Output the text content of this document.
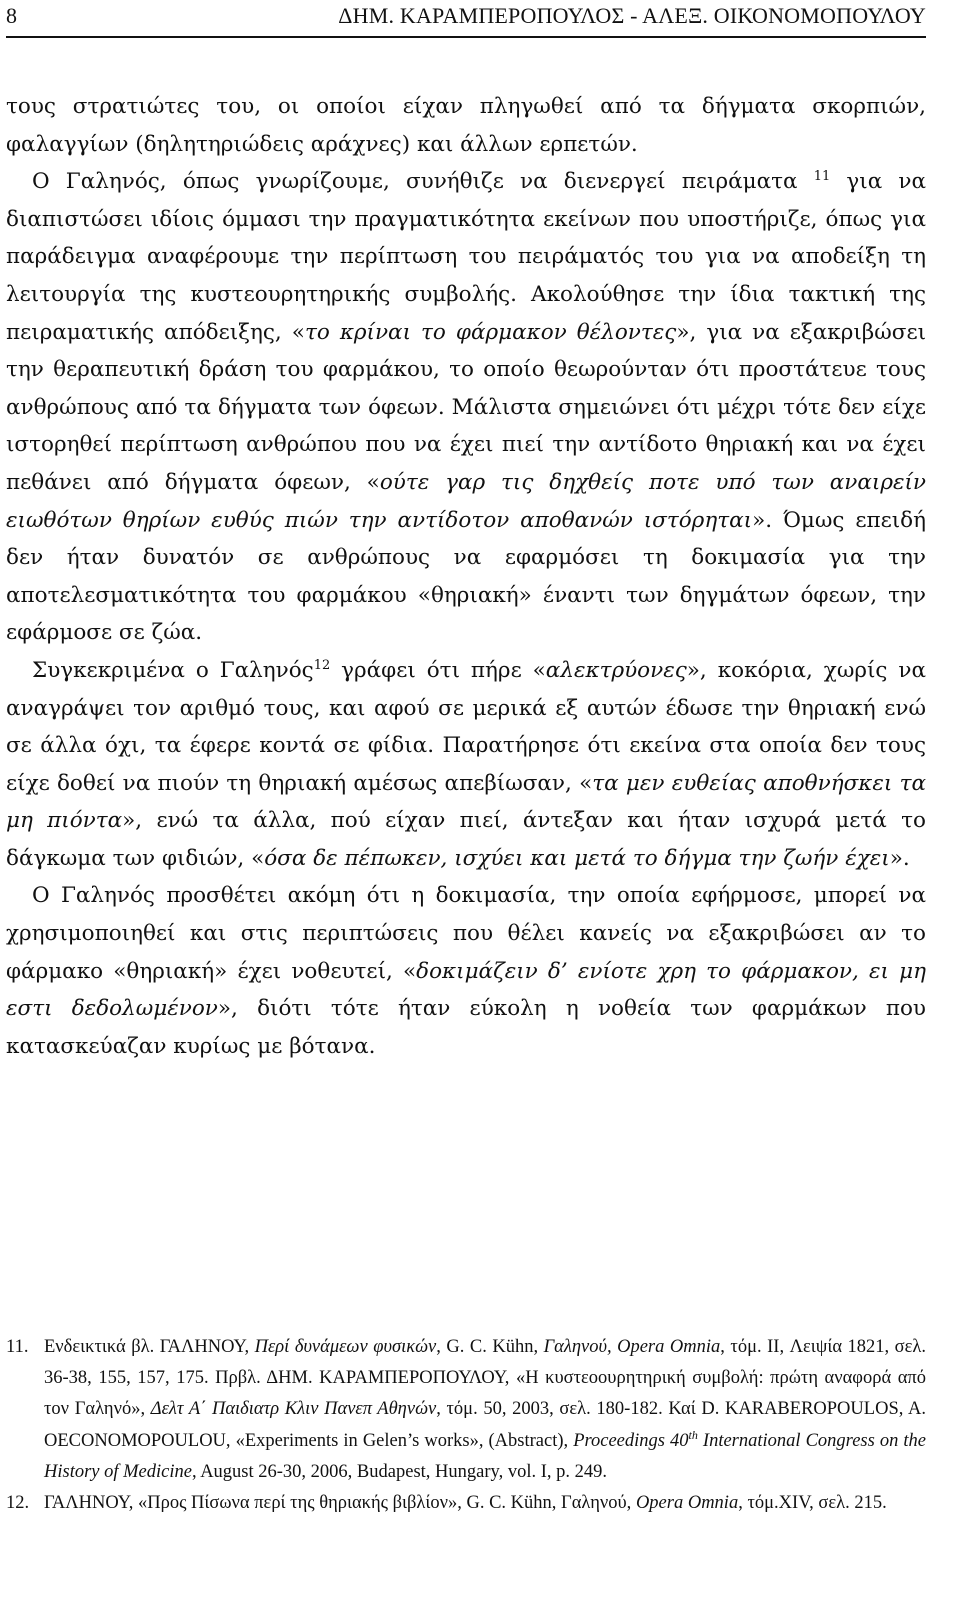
8	ΔΗΜ. ΚΑΡΑΜΠΕΡΟΠΟΥΛΟΣ - ΑΛΕΞ. ΟΙΚΟΝΟΜΟΠΟΥΛΟΥ

τους στρατιώτες του, οι οποίοι είχαν πληγωθεί από τα δήγματα σκορπιών, φαλαγγίων (δηλητηριώδεις αράχνες) και άλλων ερπετών.

Ο Γαληνός, όπως γνωρίζουμε, συνήθιζε να διενεργεί πειράματα $^{11}$ για να διαπιστώσει ιδίοις όμμασι την πραγματικότητα εκείνων που υποστήριζε, όπως για παράδειγμα αναφέρουμε την περίπτωση του πειράματός του για να αποδείξη τη λειτουργία της κυστεουρητηρικής συμβολής. Ακολούθησε την ίδια τακτική της πειραματικής απόδειξης, «το κρίναι το φάρμακον θέλοντες», για να εξακριβώσει την θεραπευτική δράση του φαρμάκου, το οποίο θεωρούνταν ότι προστάτευε τους ανθρώπους από τα δήγματα των όφεων. Μάλιστα σημειώνει ότι μέχρι τότε δεν είχε ιστορηθεί περίπτωση ανθρώπου που να έχει πιεί την αντίδοτο θηριακή και να έχει πεθάνει από δήγματα όφεων, «ούτε γαρ τις δηχθείς ποτε υπό των αναιρείν ειωθότων θηρίων ευθύς πιών την αντίδοτον αποθανών ιστόρηται». Όμως επειδή δεν ήταν δυνατόν σε ανθρώπους να εφαρμόσει τη δοκιμασία για την αποτελεσματικότητα του φαρμάκου «θηριακή» έναντι των δηγμάτων όφεων, την εφάρμοσε σε ζώα.

Συγκεκριμένα ο Γαληνός$^{12}$ γράφει ότι πήρε «αλεκτρύονες», κοκόρια, χωρίς να αναγράψει τον αριθμό τους, και αφού σε μερικά εξ αυτών έδωσε την θηριακή ενώ σε άλλα όχι, τα έφερε κοντά σε φίδια. Παρατήρησε ότι εκείνα στα οποία δεν τους είχε δοθεί να πιούν τη θηριακή αμέσως απεβίωσαν, «τα μεν ευθείας αποθνήσκει τα μη πιόντα», ενώ τα άλλα, πού είχαν πιεί, άντεξαν και ήταν ισχυρά μετά το δάγκωμα των φιδιών, «όσα δε πέπωκεν, ισχύει και μετά το δήγμα την ζωήν έχει».

Ο Γαληνός προσθέτει ακόμη ότι η δοκιμασία, την οποία εφήρμοσε, μπορεί να χρησιμοποιηθεί και στις περιπτώσεις που θέλει κανείς να εξακριβώσει αν το φάρμακο «θηριακή» έχει νοθευτεί, «δοκιμάζειν δ’ ενίοτε χρη το φάρμακον, ει μη εστι δεδολωμένον», διότι τότε ήταν εύκολη η νοθεία των φαρμάκων που κατασκεύαζαν κυρίως με βότανα.

11. Ενδεικτικά βλ. ΓΑΛΗΝΟΥ, Περί δυνάμεων φυσικών, G. C. Kühn, Γαληνού, Opera Omnia, τόμ. II, Λειψία 1821, σελ. 36-38, 155, 157, 175. Πρβλ. ΔΗΜ. ΚΑΡΑΜΠΕΡΟΠΟΥΛΟΥ, «Η κυστεοουρητηρική συμβολή: πρώτη αναφορά από τον Γαληνό», Δελτ Α΄ Παιδιατρ Κλιν Πανεπ Αθηνών, τόμ. 50, 2003, σελ. 180-182. Καί D. KARABEROPOULOS, A. OECONOMOPOULOU, «Experiments in Gelen’s works», (Abstract), Proceedings 40th International Congress on the History of Medicine, August 26-30, 2006, Budapest, Hungary, vol. I, p. 249.
12. ΓΑΛΗΝΟΥ, «Προς Πίσωνα περί της θηριακής βιβλίον», G. C. Kühn, Γαληνού, Opera Omnia, τόμ.XIV, σελ. 215.
